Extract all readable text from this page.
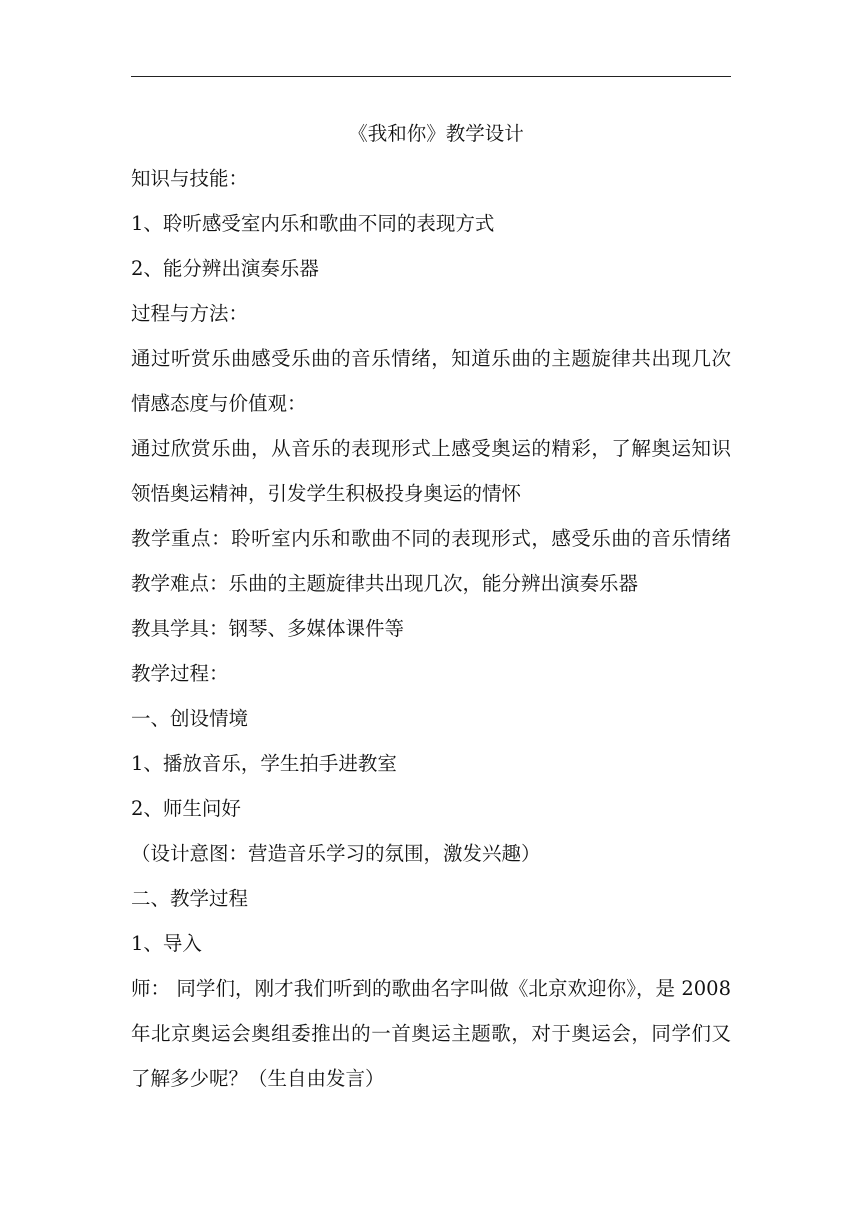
《我和你》教学设计
知识与技能：
1、聆听感受室内乐和歌曲不同的表现方式
2、能分辨出演奏乐器
过程与方法：
通过听赏乐曲感受乐曲的音乐情绪，知道乐曲的主题旋律共出现几次
情感态度与价值观：
通过欣赏乐曲，从音乐的表现形式上感受奥运的精彩，了解奥运知识
领悟奥运精神，引发学生积极投身奥运的情怀
教学重点：聆听室内乐和歌曲不同的表现形式，感受乐曲的音乐情绪
教学难点：乐曲的主题旋律共出现几次，能分辨出演奏乐器
教具学具：钢琴、多媒体课件等
教学过程：
一、创设情境
1、播放音乐，学生拍手进教室
2、师生问好
（设计意图：营造音乐学习的氛围，激发兴趣）
二、教学过程
1、导入
师： 同学们，刚才我们听到的歌曲名字叫做《北京欢迎你》，是 2008
年北京奥运会奥组委推出的一首奥运主题歌，对于奥运会，同学们又
了解多少呢？（生自由发言）
